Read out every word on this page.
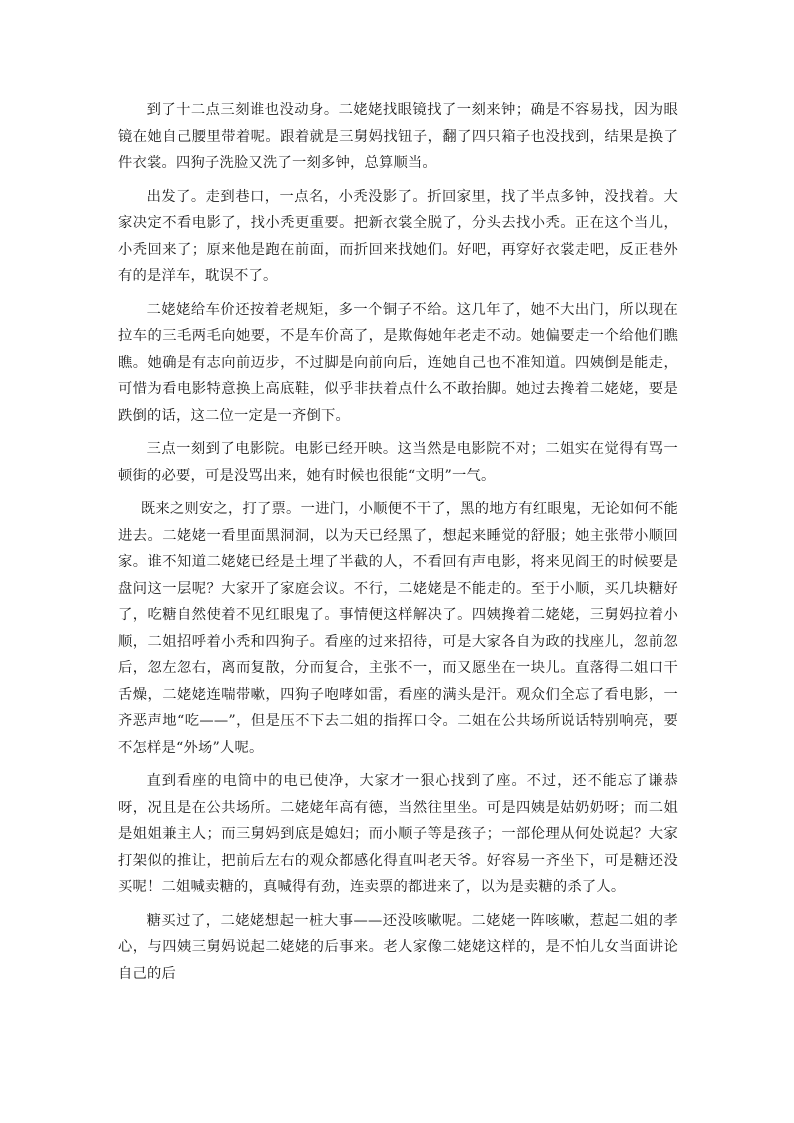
到了十二点三刻谁也没动身。二姥姥找眼镜找了一刻来钟；确是不容易找，因为眼镜在她自己腰里带着呢。跟着就是三舅妈找钮子，翻了四只箱子也没找到，结果是换了件衣裳。四狗子洗脸又洗了一刻多钟，总算顺当。

出发了。走到巷口，一点名，小秃没影了。折回家里，找了半点多钟，没找着。大家决定不看电影了，找小秃更重要。把新衣裳全脱了，分头去找小秃。正在这个当儿，小秃回来了；原来他是跑在前面，而折回来找她们。好吧，再穿好衣裳走吧，反正巷外有的是洋车，耽误不了。

二姥姥给车价还按着老规矩，多一个铜子不给。这几年了，她不大出门，所以现在拉车的三毛两毛向她要，不是车价高了，是欺侮她年老走不动。她偏要走一个给他们瞧瞧。她确是有志向前迈步，不过脚是向前向后，连她自己也不准知道。四姨倒是能走，可惜为看电影特意换上高底鞋，似乎非扶着点什么不敢抬脚。她过去搀着二姥姥，要是跌倒的话，这二位一定是一齐倒下。

三点一刻到了电影院。电影已经开映。这当然是电影院不对；二姐实在觉得有骂一顿街的必要，可是没骂出来，她有时候也很能“文明”一气。

既来之则安之，打了票。一进门，小顺便不干了，黑的地方有红眼鬼，无论如何不能进去。二姥姥一看里面黑洞洞，以为天已经黑了，想起来睡觉的舒服；她主张带小顺回家。谁不知道二姥姥已经是土埋了半截的人，不看回有声电影，将来见阎王的时候要是盘问这一层呢？大家开了家庭会议。不行，二姥姥是不能走的。至于小顺，买几块糖好了，吃糖自然使着不见红眼鬼了。事情便这样解决了。四姨搀着二姥姥，三舅妈拉着小顺，二姐招呼着小秃和四狗子。看座的过来招待，可是大家各自为政的找座儿，忽前忽后，忽左忽右，离而复散，分而复合，主张不一，而又愿坐在一块儿。直落得二姐口干舌燥，二姥姥连喘带嗽，四狗子咆哮如雷，看座的满头是汗。观众们全忘了看电影，一齐恶声地“吃——”，但是压不下去二姐的指挥口令。二姐在公共场所说话特别响亮，要不怎样是“外场”人呢。

直到看座的电筒中的电已使净，大家才一狠心找到了座。不过，还不能忘了谦恭呀，况且是在公共场所。二姥姥年高有德，当然往里坐。可是四姨是姑奶奶呀；而二姐是姐姐兼主人；而三舅妈到底是媳妇；而小顺子等是孩子；一部伦理从何处说起？大家打架似的推让，把前后左右的观众都感化得直叫老天爷。好容易一齐坐下，可是糖还没买呢！二姐喊卖糖的，真喊得有劲，连卖票的都进来了，以为是卖糖的杀了人。

糖买过了，二姥姥想起一桩大事——还没咳嗽呢。二姥姥一阵咳嗽，惹起二姐的孝心，与四姨三舅妈说起二姥姥的后事来。老人家像二姥姥这样的，是不怕儿女当面讲论自己的后
